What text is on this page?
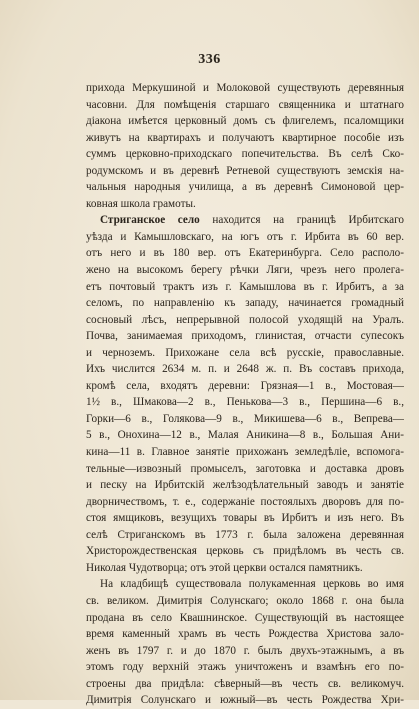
336
прихода Меркушиной и Молоковой существують деревянныя
часовни. Для помѣщенія старшаго священника и штатнаго
діакона имѣется церковный домъ съ флигелемъ, псаломщики
живутъ на квартирахъ и получаютъ квартирное пособіе изъ
суммъ церковно-приходскаго попечительства. Въ селѣ Ско-
родумскомъ и въ деревнѣ Ретневой существуютъ земскія на-
чальныя народныя училища, а въ деревнѣ Симоновой цер-
ковная школа грамоты.
Стриганское село находится на границѣ Ирбитскаго
уѣзда и Камышловскаго, на югъ отъ г. Ирбита въ 60 вер.
отъ него и въ 180 вер. отъ Екатеринбурга. Село располо-
жено на высокомъ берегу рѣчки Ляги, чрезъ него пролега-
етъ почтовый трактъ изъ г. Камышлова въ г. Ирбитъ, а за
селомъ, по направленію къ западу, начинается громадный
сосновый лѣсъ, непрерывной полосой уходящій на Уралъ.
Почва, занимаемая приходомъ, глинистая, отчасти супесокъ
и черноземъ. Прихожане села всѣ русскіе, православные.
Ихъ числится 2634 м. п. и 2648 ж. п. Въ составъ прихода,
кромѣ села, входятъ деревни: Грязная—1 в., Мостовая—
1½ в., Шмакова—2 в., Пенькова—3 в., Першина—6 в.,
Горки—6 в., Голякова—9 в., Микишева—6 в., Вепрева—
5 в., Онохина—12 в., Малая Аникина—8 в., Большая Ани-
кина—11 в. Главное занятіе прихожанъ земледѣліе, вспомога-
тельные—извозный промыселъ, заготовка и доставка дровъ
и песку на Ирбитскій желѣзодѣлательный заводъ и занятіе
дворничествомъ, т. е., содержаніе постоялыхъ дворовъ для по-
стоя ямщиковъ, везущихъ товары въ Ирбитъ и изъ него. Въ
селѣ Стриганскомъ въ 1773 г. была заложена деревянная
Христорождественская церковь съ придѣломъ въ честь св.
Николая Чудотворца; отъ этой церкви остался памятникъ.
На кладбищѣ существовала полукаменная церковь во имя
св. великом. Димитрія Солунскаго; около 1868 г. она была
продана въ село Квашнинское. Существующій въ настоящее
время каменный храмъ въ честь Рождества Христова зало-
женъ въ 1797 г. и до 1870 г. былъ двухъ-этажнымъ, а въ
этомъ году верхній этажъ уничтоженъ и взамѣнъ его по-
строены два придѣла: сѣверный—въ честь св. великомуч.
Димитрія Солунскаго и южный—въ честь Рождества Хри-
